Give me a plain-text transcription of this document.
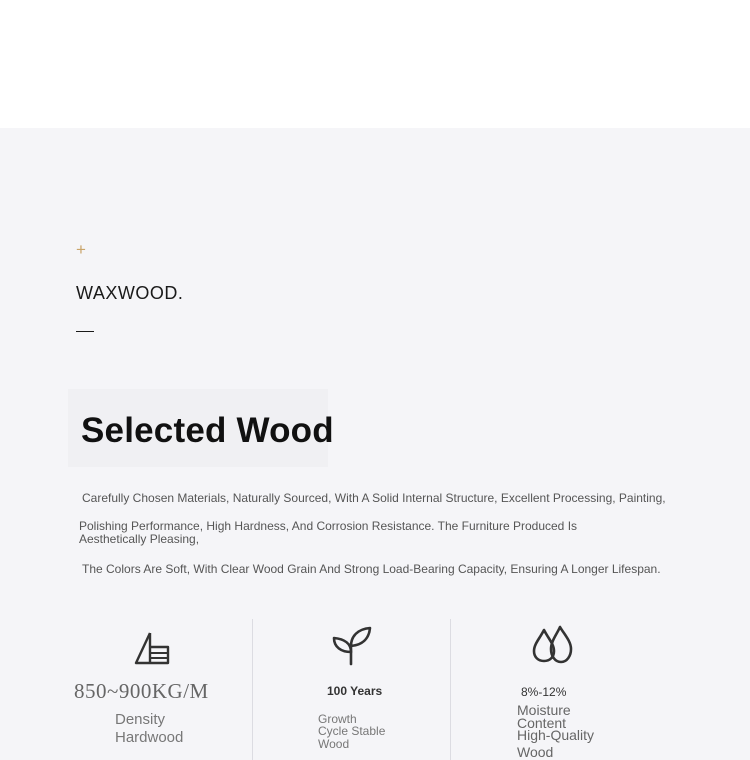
+
WAXWOOD.
Selected Wood
Carefully Chosen Materials, Naturally Sourced, With A Solid Internal Structure, Excellent Processing, Painting,
Polishing Performance, High Hardness, And Corrosion Resistance. The Furniture Produced Is Aesthetically Pleasing,
The Colors Are Soft, With Clear Wood Grain And Strong Load-Bearing Capacity, Ensuring A Longer Lifespan.
850~900KG/M
Density
Hardwood
100 Years
Growth
Cycle Stable
Wood
8%-12%
Moisture
Content
High-Quality
Wood
